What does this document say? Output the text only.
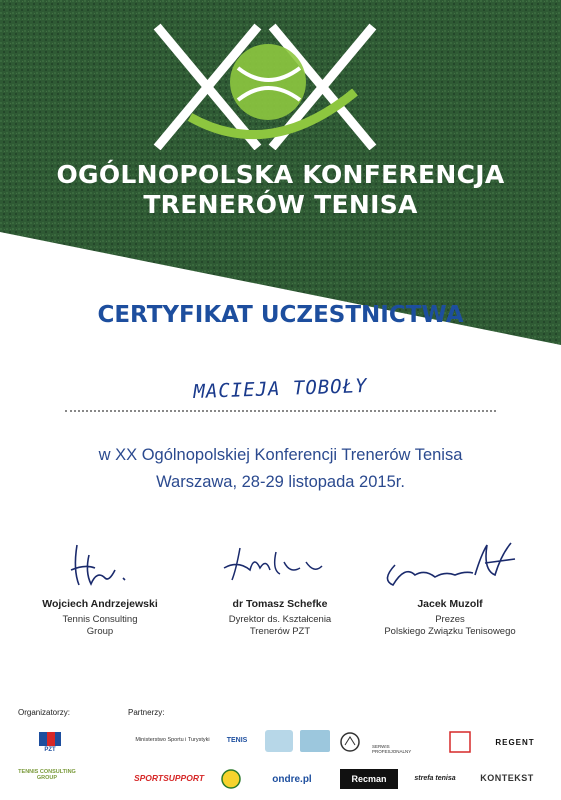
OGÓLNOPOLSKA KONFERENCJA
TRENERÓW TENISA
CERTYFIKAT UCZESTNICTWA
MACIEJA TOBOŁY
w XX Ogólnopolskiej Konferencji Trenerów Tenisa
Warszawa, 28-29 listopada 2015r.
Wojciech Andrzejewski
Tennis Consulting
Group
dr Tomasz Schefke
Dyrektor ds. Kształcenia
Trenerów PZT
Jacek Muzolf
Prezes
Polskiego Związku Tenisowego
Organizatorzy:	Partnerzy:
PZT
TENNIS CONSULTING GROUP
Ministerstwo Sportu i Turystyki	TENIS
SERWIS PROFESJONALNY
REGENT
SPORTSUPPORT	ondre.pl	Recman	strefa tenisa	KONTEKST
